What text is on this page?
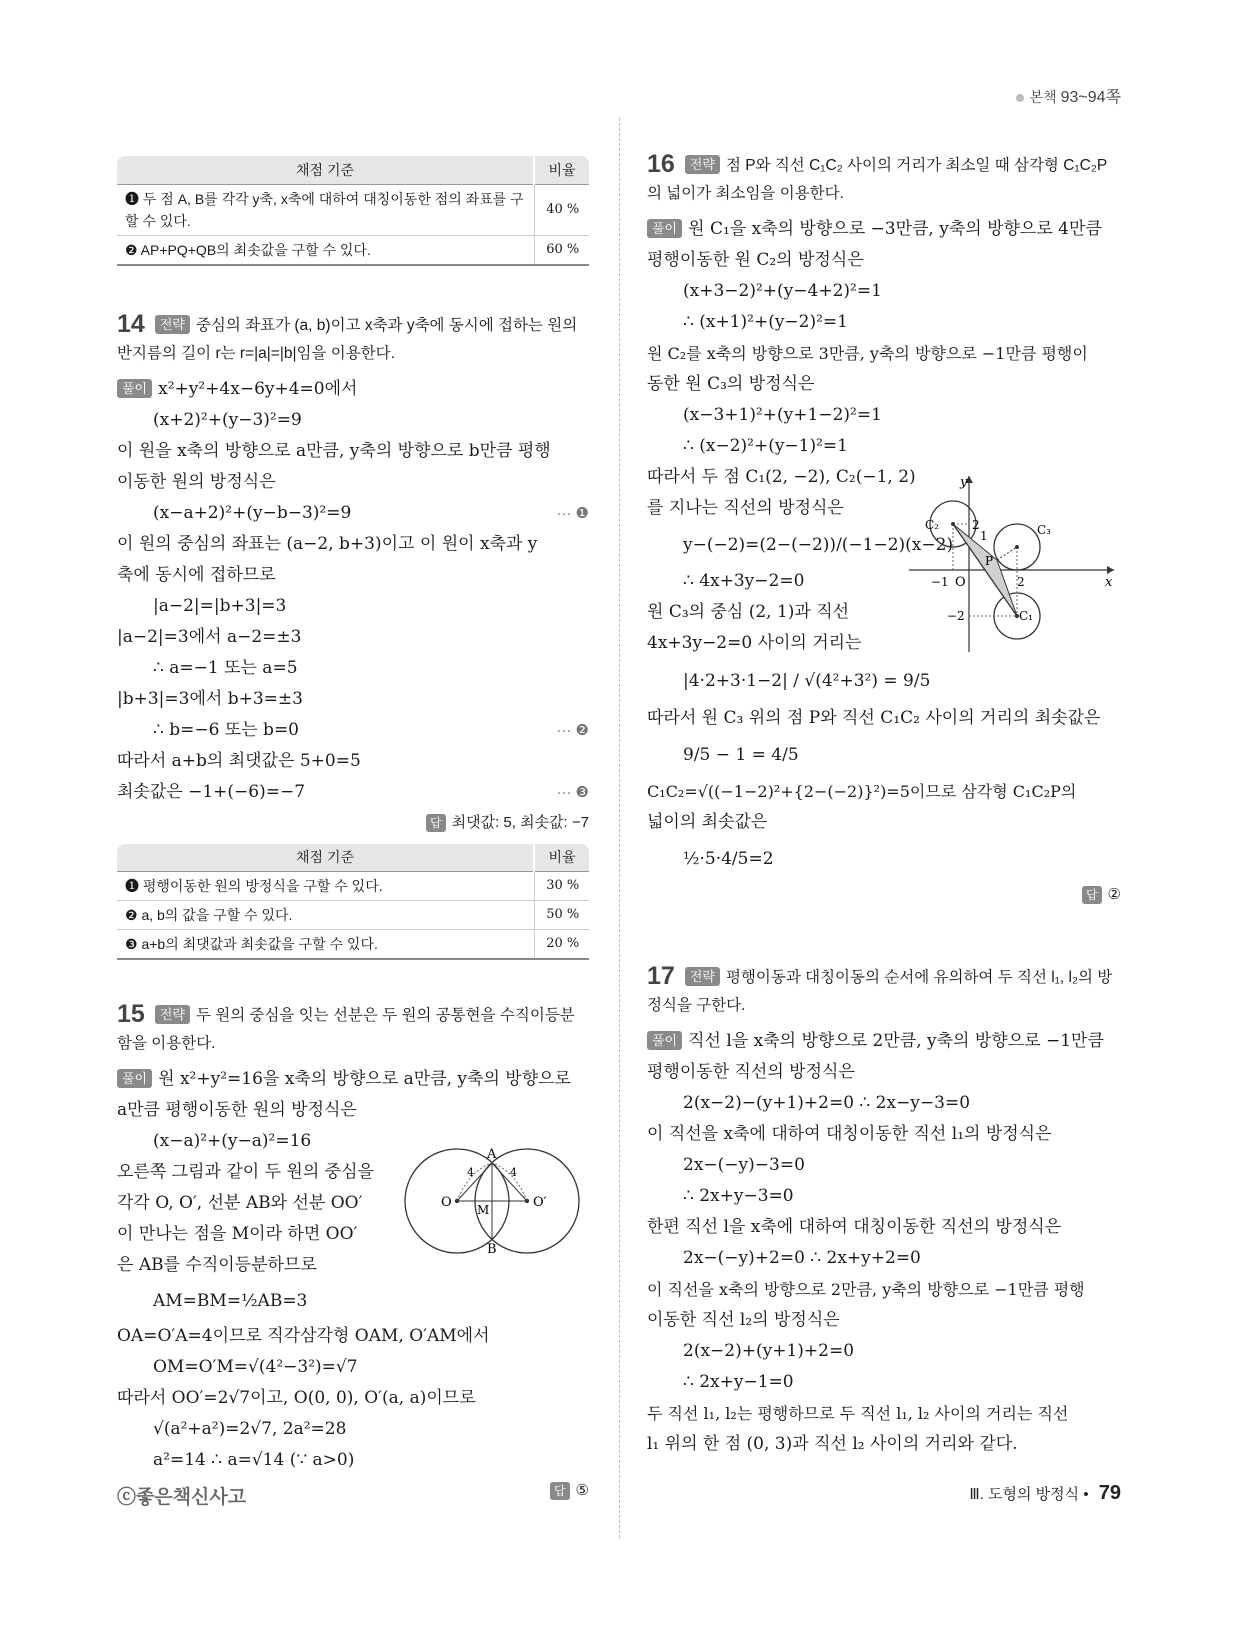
본책 93~94쪽
채점 기준	비율
❶ 두 점 A, B를 각각 y축, x축에 대하여 대칭이동한 점의 좌표를 구할 수 있다.	40 %
❷ AP+PQ+QB의 최솟값을 구할 수 있다.	60 %
14 전략 중심의 좌표가 (a, b)이고 x축과 y축에 동시에 접하는 원의 반지름의 길이 r는 r=|a|=|b|임을 이용한다.
풀이 x²+y²+4x−6y+4=0에서
(x+2)²+(y−3)²=9
이 원을 x축의 방향으로 a만큼, y축의 방향으로 b만큼 평행
이동한 원의 방정식은
(x−a+2)²+(y−b−3)²=9	··· ❶
이 원의 중심의 좌표는 (a−2, b+3)이고 이 원이 x축과 y
축에 동시에 접하므로
|a−2|=|b+3|=3
|a−2|=3에서 a−2=±3
∴ a=−1 또는 a=5
|b+3|=3에서 b+3=±3
∴ b=−6 또는 b=0	··· ❷
따라서 a+b의 최댓값은 5+0=5
최솟값은 −1+(−6)=−7	··· ❸
답 최댓값: 5, 최솟값: −7
채점 기준	비율
❶ 평행이동한 원의 방정식을 구할 수 있다.	30 %
❷ a, b의 값을 구할 수 있다.	50 %
❸ a+b의 최댓값과 최솟값을 구할 수 있다.	20 %
15 전략 두 원의 중심을 잇는 선분은 두 원의 공통현을 수직이등분함을 이용한다.
풀이 원 x²+y²=16을 x축의 방향으로 a만큼, y축의 방향으로
a만큼 평행이동한 원의 방정식은
(x−a)²+(y−a)²=16
오른쪽 그림과 같이 두 원의 중심을
각각 O, O′, 선분 AB와 선분 OO′
이 만나는 점을 M이라 하면 OO′
은 AB를 수직이등분하므로
AM=BM=½AB=3
OA=O′A=4이므로 직각삼각형 OAM, O′AM에서
OM=O′M=√(4²−3²)=√7
따라서 OO′=2√7이고, O(0, 0), O′(a, a)이므로
√(a²+a²)=2√7, 2a²=28
a²=14 ∴ a=√14 (∵ a>0)
A
B
O	O′
M
4	4
답 ⑤
16 전략 점 P와 직선 C₁C₂ 사이의 거리가 최소일 때 삼각형 C₁C₂P의 넓이가 최소임을 이용한다.
풀이 원 C₁을 x축의 방향으로 −3만큼, y축의 방향으로 4만큼
평행이동한 원 C₂의 방정식은
(x+3−2)²+(y−4+2)²=1
∴ (x+1)²+(y−2)²=1
원 C₂를 x축의 방향으로 3만큼, y축의 방향으로 −1만큼 평행이
동한 원 C₃의 방정식은
(x−3+1)²+(y+1−2)²=1
∴ (x−2)²+(y−1)²=1
따라서 두 점 C₁(2, −2), C₂(−1, 2)
를 지나는 직선의 방정식은
y−(−2)=(2−(−2))/(−1−2)(x−2)
∴ 4x+3y−2=0
원 C₃의 중심 (2, 1)과 직선
4x+3y−2=0 사이의 거리는
|4·2+3·1−2| / √(4²+3²) = 9/5
따라서 원 C₃ 위의 점 P와 직선 C₁C₂ 사이의 거리의 최솟값은
9/5 − 1 = 4/5
C₁C₂=√((−1−2)²+{2−(−2)}²)=5이므로 삼각형 C₁C₂P의
넓이의 최솟값은
½·5·4/5=2
y
x
O
−1	2
2
1
−2	C₁
C₂	C₃
P
답 ②
17 전략 평행이동과 대칭이동의 순서에 유의하여 두 직선 l₁, l₂의 방정식을 구한다.
풀이 직선 l을 x축의 방향으로 2만큼, y축의 방향으로 −1만큼
평행이동한 직선의 방정식은
2(x−2)−(y+1)+2=0 ∴ 2x−y−3=0
이 직선을 x축에 대하여 대칭이동한 직선 l₁의 방정식은
2x−(−y)−3=0
∴ 2x+y−3=0
한편 직선 l을 x축에 대하여 대칭이동한 직선의 방정식은
2x−(−y)+2=0 ∴ 2x+y+2=0
이 직선을 x축의 방향으로 2만큼, y축의 방향으로 −1만큼 평행
이동한 직선 l₂의 방정식은
2(x−2)+(y+1)+2=0
∴ 2x+y−1=0
두 직선 l₁, l₂는 평행하므로 두 직선 l₁, l₂ 사이의 거리는 직선
l₁ 위의 한 점 (0, 3)과 직선 l₂ 사이의 거리와 같다.
ⓒ좋은책신사고	Ⅲ. 도형의 방정식 • 79
